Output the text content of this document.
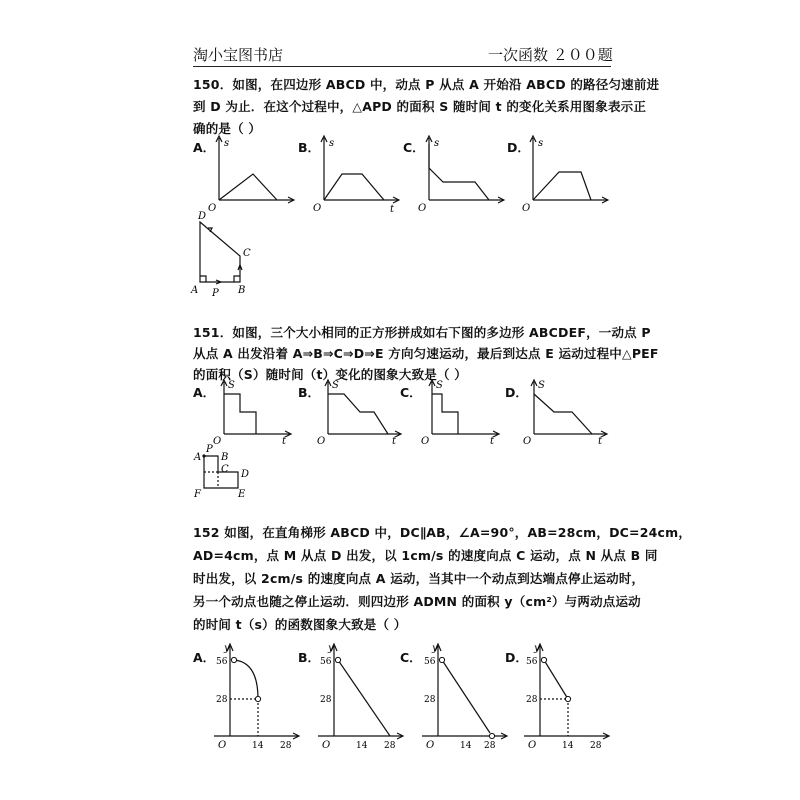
淘小宝图书店	一次函数 ２００题
150．如图，在四边形 ABCD 中，动点 P 从点 A 开始沿 ABCD 的路径匀速前进
到 D 为止．在这个过程中，△APD 的面积 S 随时间 t 的变化关系用图象表示正
确的是（ ）
A．	B．	C．	D．
s
O
s
O	t
s
O
s
O
D
C
A	B
P
151．如图，三个大小相同的正方形拼成如右下图的多边形 ABCDEF，一动点 P
从点 A 出发沿着 A⇒B⇒C⇒D⇒E 方向匀速运动，最后到达点 E 运动过程中△PEF
的面积（S）随时间（t）变化的图象大致是（ ）
A．	B．	C．	D．
S
O	t
S
O	t
S
O	t
S
O	t
P
A B
C D
F	E
152 如图，在直角梯形 ABCD 中，DC∥AB，∠A=90°，AB=28cm，DC=24cm，
AD=4cm，点 M 从点 D 出发，以 1cm/s 的速度向点 C 运动，点 N 从点 B 同
时出发，以 2cm/s 的速度向点 A 运动，当其中一个动点到达端点停止运动时，
另一个动点也随之停止运动．则四边形 ADMN 的面积 y（cm²）与两动点运动
的时间 t（s）的函数图象大致是（ ）
A．	B．	C．	D．
y
56
28
O	14 28
y
56
28
O	14 28
y
56
28
O	14 28
y
56
28
O	14 28
